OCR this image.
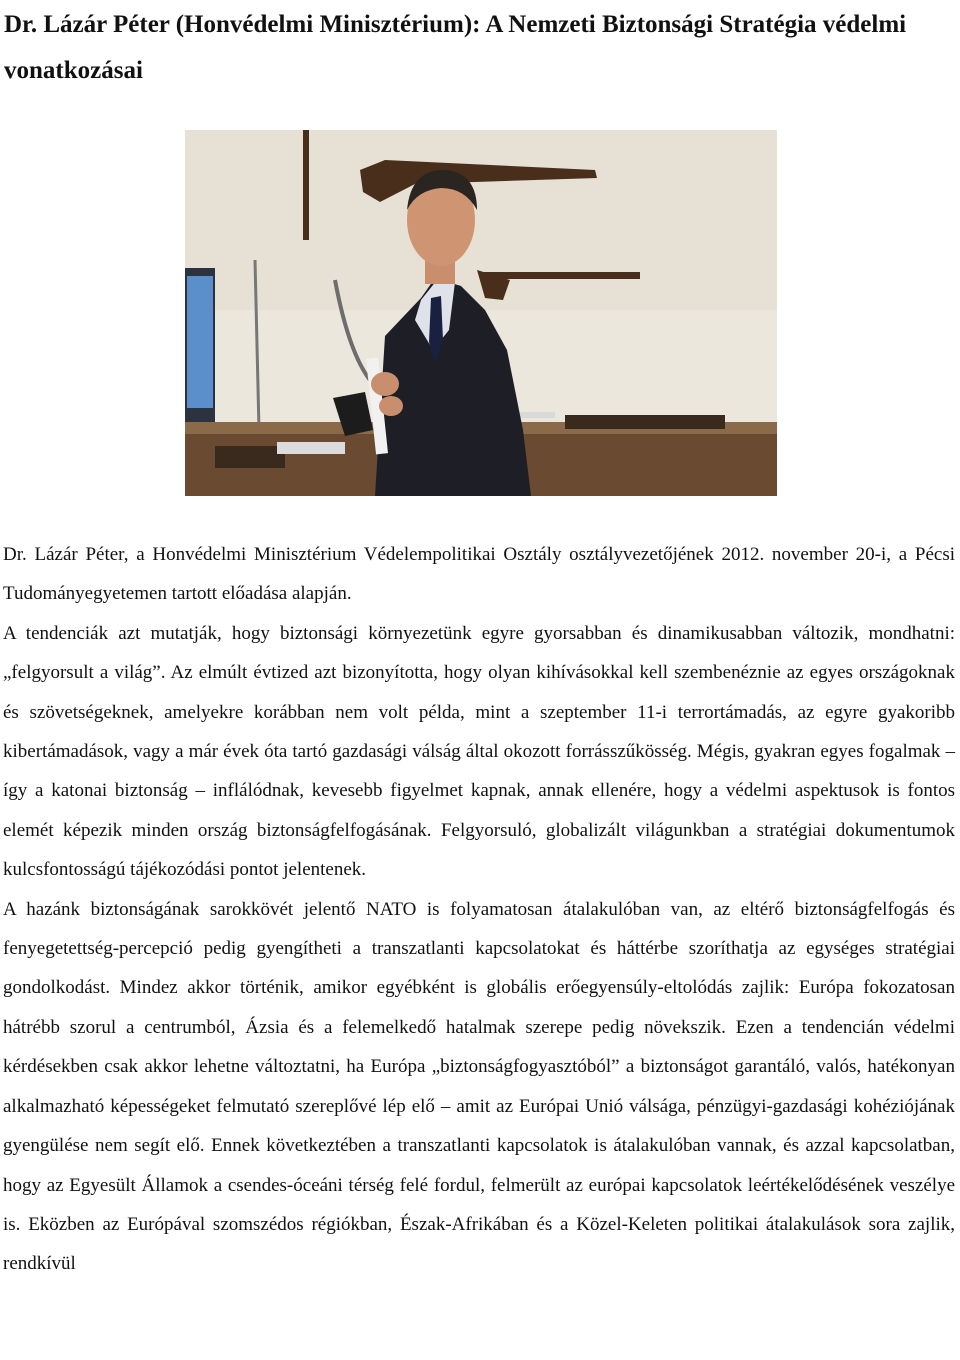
Dr. Lázár Péter (Honvédelmi Minisztérium): A Nemzeti Biztonsági Stratégia védelmi vonatkozásai

Dr. Lázár Péter, a Honvédelmi Minisztérium Védelempolitikai Osztály osztályvezetőjének 2012. november 20-i, a Pécsi Tudományegyetemen tartott előadása alapján.

A tendenciák azt mutatják, hogy biztonsági környezetünk egyre gyorsabban és dinamikusabban változik, mondhatni: „felgyorsult a világ”. Az elmúlt évtized azt bizonyította, hogy olyan kihívásokkal kell szembenéznie az egyes országoknak és szövetségeknek, amelyekre korábban nem volt példa, mint a szeptember 11-i terrortámadás, az egyre gyakoribb kibertámadások, vagy a már évek óta tartó gazdasági válság által okozott forrásszűkösség. Mégis, gyakran egyes fogalmak – így a katonai biztonság – inflálódnak, kevesebb figyelmet kapnak, annak ellenére, hogy a védelmi aspektusok is fontos elemét képezik minden ország biztonságfelfogásának. Felgyorsuló, globalizált világunkban a stratégiai dokumentumok kulcsfontosságú tájékozódási pontot jelentenek.

A hazánk biztonságának sarokkövét jelentő NATO is folyamatosan átalakulóban van, az eltérő biztonságfelfogás és fenyegetettség-percepció pedig gyengítheti a transzatlanti kapcsolatokat és háttérbe szoríthatja az egységes stratégiai gondolkodást. Mindez akkor történik, amikor egyébként is globális erőegyensúly-eltolódás zajlik: Európa fokozatosan hátrébb szorul a centrumból, Ázsia és a felemelkedő hatalmak szerepe pedig növekszik. Ezen a tendencián védelmi kérdésekben csak akkor lehetne változtatni, ha Európa „biztonságfogyasztóból” a biztonságot garantáló, valós, hatékonyan alkalmazható képességeket felmutató szereplővé lép elő – amit az Európai Unió válsága, pénzügyi-gazdasági kohéziójának gyengülése nem segít elő. Ennek következtében a transzatlanti kapcsolatok is átalakulóban vannak, és azzal kapcsolatban, hogy az Egyesült Államok a csendes-óceáni térség felé fordul, felmerült az európai kapcsolatok leértékelődésének veszélye is. Eközben az Európával szomszédos régiókban, Észak-Afrikában és a Közel-Keleten politikai átalakulások sora zajlik, rendkívül
